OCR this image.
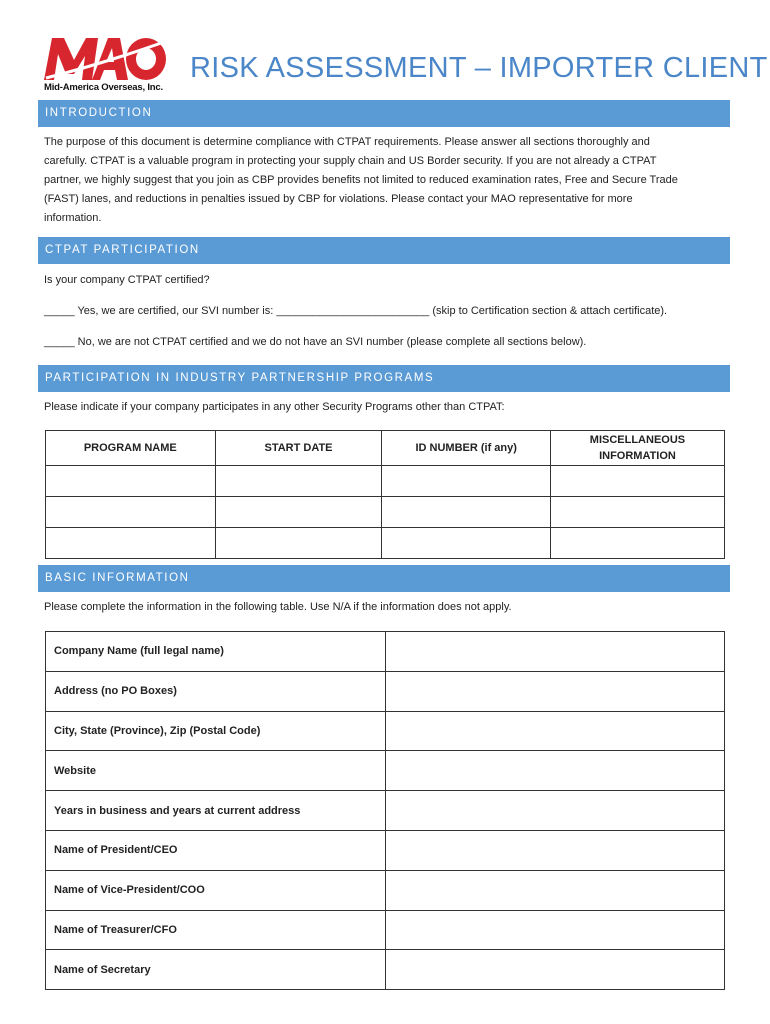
Mid-America Overseas, Inc.
RISK ASSESSMENT – IMPORTER CLIENT
INTRODUCTION
The purpose of this document is determine compliance with CTPAT requirements. Please answer all sections thoroughly and
carefully. CTPAT is a valuable program in protecting your supply chain and US Border security. If you are not already a CTPAT
partner, we highly suggest that you join as CBP provides benefits not limited to reduced examination rates, Free and Secure Trade
(FAST) lanes, and reductions in penalties issued by CBP for violations. Please contact your MAO representative for more
information.
CTPAT PARTICIPATION
Is your company CTPAT certified?
_____ Yes, we are certified, our SVI number is: _________________________ (skip to Certification section & attach certificate).
_____ No, we are not CTPAT certified and we do not have an SVI number (please complete all sections below).
PARTICIPATION IN INDUSTRY PARTNERSHIP PROGRAMS
Please indicate if your company participates in any other Security Programs other than CTPAT:
PROGRAM NAME	START DATE	ID NUMBER (if any)	MISCELLANEOUS INFORMATION

BASIC INFORMATION
Please complete the information in the following table. Use N/A if the information does not apply.
Company Name (full legal name)	
Address (no PO Boxes)	
City, State (Province), Zip (Postal Code)	
Website	
Years in business and years at current address	
Name of President/CEO	
Name of Vice-President/COO	
Name of Treasurer/CFO	
Name of Secretary	
